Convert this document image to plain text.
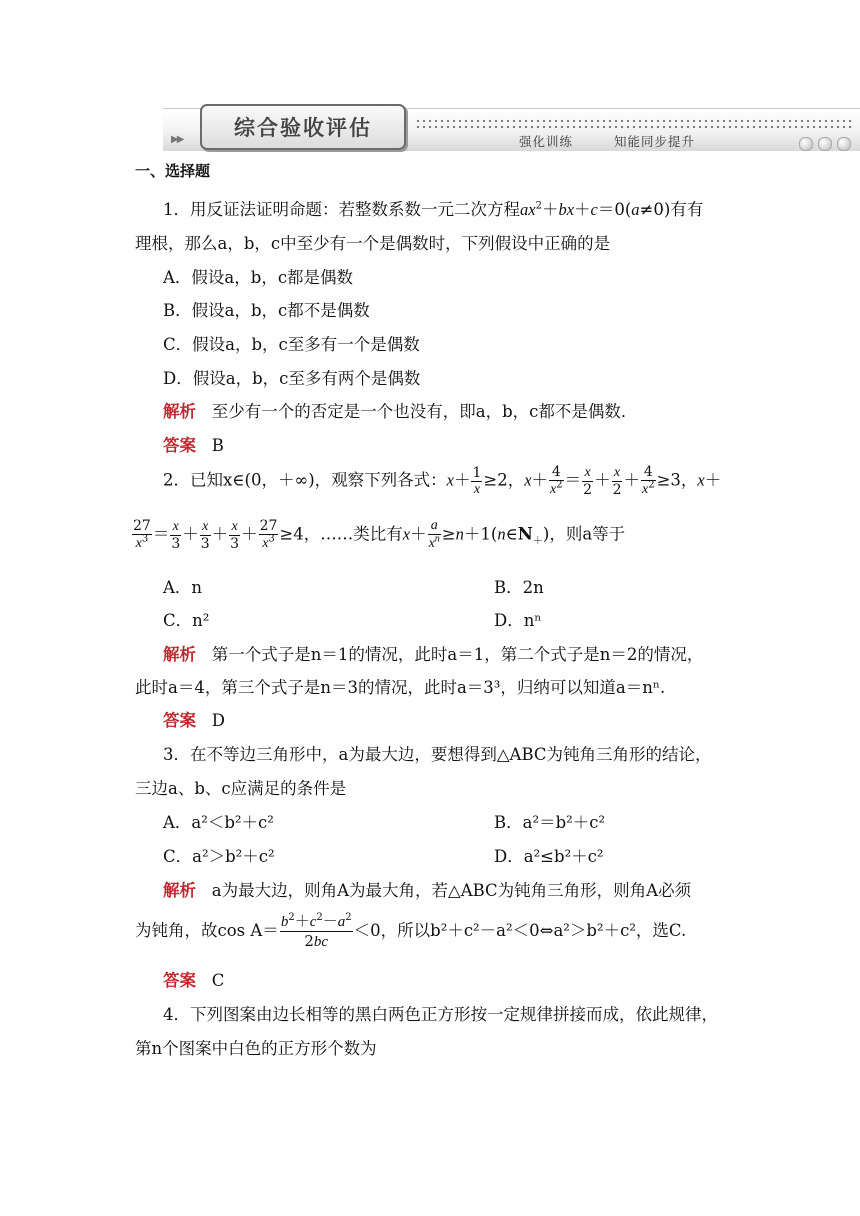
▶▶	综合验收评估
强化训练	知能同步提升
一、选择题
1．用反证法证明命题：若整数系数一元二次方程$ax^2+bx+c=0(a\ne 0)$有有
理根，那么a，b，c中至少有一个是偶数时，下列假设中正确的是
A．假设a，b，c都是偶数
B．假设a，b，c都不是偶数
C．假设a，b，c至多有一个是偶数
D．假设a，b，c至多有两个是偶数
解析 至少有一个的否定是一个也没有，即a，b，c都不是偶数．
答案 B
2．已知x∈(0，＋∞)，观察下列各式：$x+ \frac{1}{x} \ge 2$，$x+ \frac{4}{x^2} = \frac{x}{2} + \frac{x}{2} + \frac{4}{x^2} \ge 3$，x＋
$\frac{27}{x^3} = \frac{x}{3} + \frac{x}{3} + \frac{x}{3} + \frac{27}{x^3} \ge 4$，……类比有$x+ \frac{a}{x^n}$ $\ge n+1(n\in N_+)$，则a等于
A．n	B．2n
C．n²	D．nⁿ
解析 第一个式子是n＝1的情况，此时a＝1，第二个式子是n＝2的情况，
此时a＝4，第三个式子是n＝3的情况，此时a＝3³，归纳可以知道a＝nⁿ.
答案 D
3．在不等边三角形中，a为最大边，要想得到△ABC为钝角三角形的结论，
三边a、b、c应满足的条件是
A．a²＜b²＋c²	B．a²＝b²＋c²
C．a²＞b²＋c²	D．a²≤b²＋c²
解析 a为最大边，则角A为最大角，若△ABC为钝角三角形，则角A必须
为钝角，故$\cos A= \frac{b^2+c^2-a^2}{2bc} <0$，所以b²＋c²－a²＜0⇔a²＞b²＋c²，选C.
答案 C
4．下列图案由边长相等的黑白两色正方形按一定规律拼接而成，依此规律，
第n个图案中白色的正方形个数为
